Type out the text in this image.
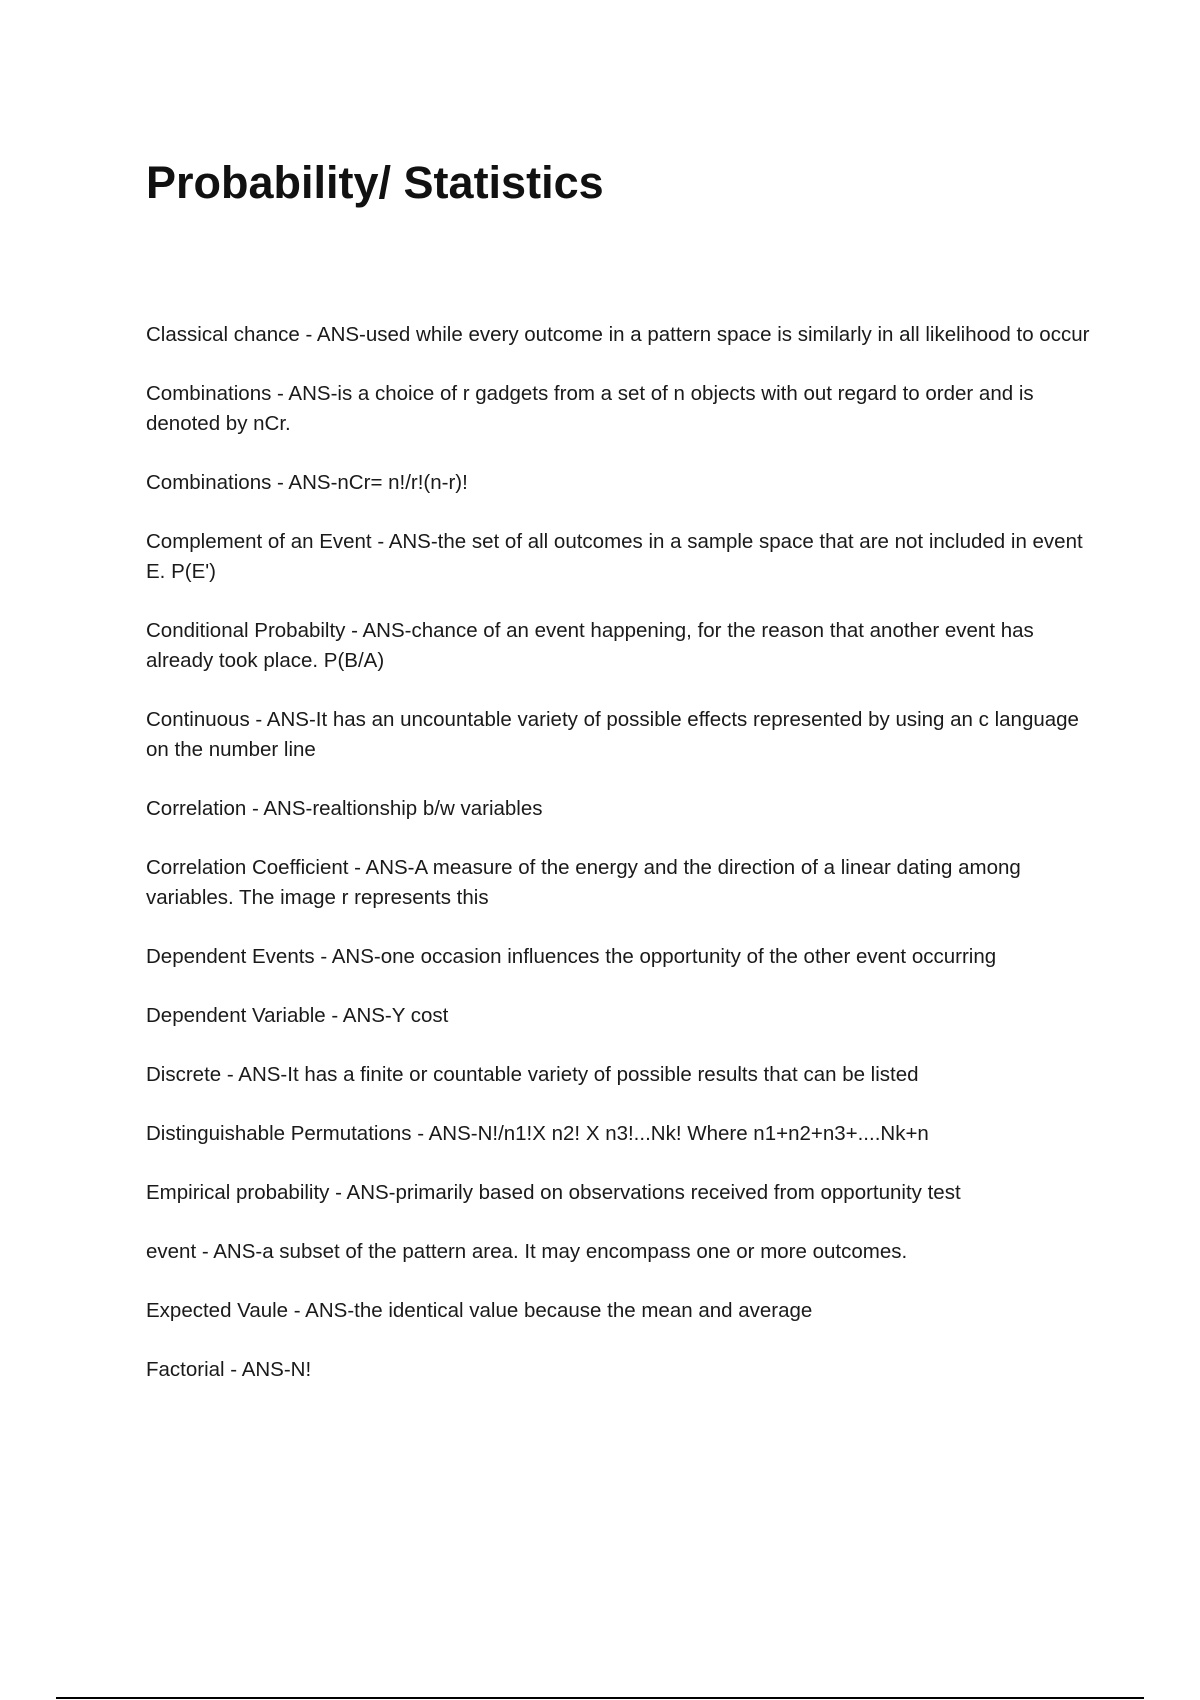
Probability/ Statistics

Classical chance - ANS-used while every outcome in a pattern space is similarly in all likelihood to occur

Combinations - ANS-is a choice of r gadgets from a set of n objects with out regard to order and is denoted by nCr.

Combinations - ANS-nCr= n!/r!(n-r)!

Complement of an Event - ANS-the set of all outcomes in a sample space that are not included in event E. P(E')

Conditional Probabilty - ANS-chance of an event happening, for the reason that another event has already took place. P(B/A)

Continuous - ANS-It has an uncountable variety of possible effects represented by using an c language on the number line

Correlation - ANS-realtionship b/w variables

Correlation Coefficient - ANS-A measure of the energy and the direction of a linear dating among variables. The image r represents this

Dependent Events - ANS-one occasion influences the opportunity of the other event occurring

Dependent Variable - ANS-Y cost

Discrete - ANS-It has a finite or countable variety of possible results that can be listed

Distinguishable Permutations - ANS-N!/n1!X n2! X n3!...Nk! Where n1+n2+n3+....Nk+n

Empirical probability - ANS-primarily based on observations received from opportunity test

event - ANS-a subset of the pattern area. It may encompass one or more outcomes.

Expected Vaule - ANS-the identical value because the mean and average

Factorial - ANS-N!
